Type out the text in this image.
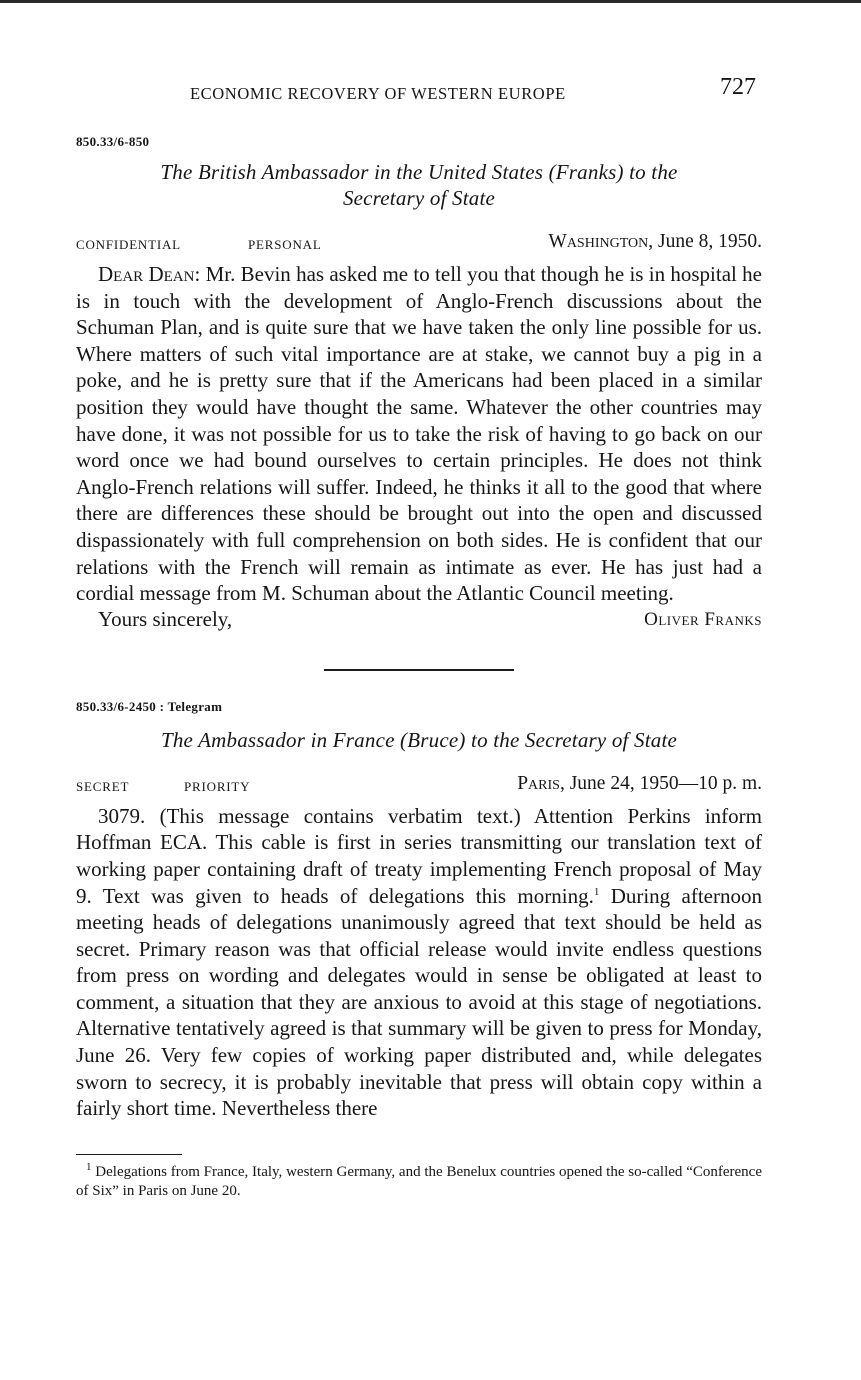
ECONOMIC RECOVERY OF WESTERN EUROPE	727
850.33/6-850
The British Ambassador in the United States (Franks) to the
Secretary of State
CONFIDENTIAL	PERSONAL	Washington, June 8, 1950.

Dear Dean: Mr. Bevin has asked me to tell you that though he is in hospital he is in touch with the development of Anglo-French discussions about the Schuman Plan, and is quite sure that we have taken the only line possible for us. Where matters of such vital importance are at stake, we cannot buy a pig in a poke, and he is pretty sure that if the Americans had been placed in a similar position they would have thought the same. Whatever the other countries may have done, it was not possible for us to take the risk of having to go back on our word once we had bound ourselves to certain principles. He does not think Anglo-French relations will suffer. Indeed, he thinks it all to the good that where there are differences these should be brought out into the open and discussed dispassionately with full comprehension on both sides. He is confident that our relations with the French will remain as intimate as ever. He has just had a cordial message from M. Schuman about the Atlantic Council meeting.

Yours sincerely,	Oliver Franks
850.33/6-2450 : Telegram
The Ambassador in France (Bruce) to the Secretary of State
SECRET	PRIORITY	Paris, June 24, 1950—10 p. m.

3079. (This message contains verbatim text.) Attention Perkins inform Hoffman ECA. This cable is first in series transmitting our translation text of working paper containing draft of treaty implementing French proposal of May 9. Text was given to heads of delegations this morning.$^1$ During afternoon meeting heads of delegations unanimously agreed that text should be held as secret. Primary reason was that official release would invite endless questions from press on wording and delegates would in sense be obligated at least to comment, a situation that they are anxious to avoid at this stage of negotiations. Alternative tentatively agreed is that summary will be given to press for Monday, June 26. Very few copies of working paper distributed and, while delegates sworn to secrecy, it is probably inevitable that press will obtain copy within a fairly short time. Nevertheless there

$^1$ Delegations from France, Italy, western Germany, and the Benelux countries opened the so-called “Conference of Six” in Paris on June 20.
